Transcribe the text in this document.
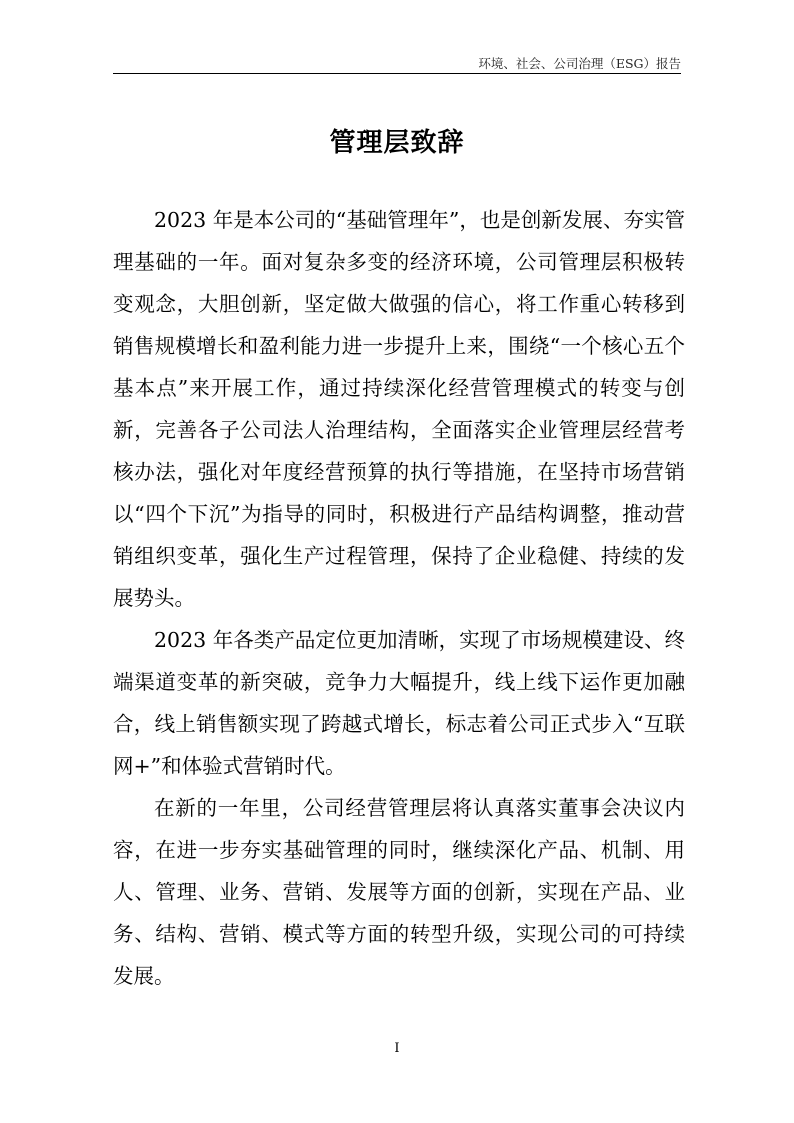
环境、社会、公司治理（ESG）报告
管理层致辞

2023 年是本公司的“基础管理年”，也是创新发展、夯实管理基础的一年。面对复杂多变的经济环境，公司管理层积极转变观念，大胆创新，坚定做大做强的信心，将工作重心转移到销售规模增长和盈利能力进一步提升上来，围绕“一个核心五个基本点”来开展工作，通过持续深化经营管理模式的转变与创新，完善各子公司法人治理结构，全面落实企业管理层经营考核办法，强化对年度经营预算的执行等措施，在坚持市场营销以“四个下沉”为指导的同时，积极进行产品结构调整，推动营销组织变革，强化生产过程管理，保持了企业稳健、持续的发展势头。

2023 年各类产品定位更加清晰，实现了市场规模建设、终端渠道变革的新突破，竞争力大幅提升，线上线下运作更加融合，线上销售额实现了跨越式增长，标志着公司正式步入“互联网+”和体验式营销时代。

在新的一年里，公司经营管理层将认真落实董事会决议内容，在进一步夯实基础管理的同时，继续深化产品、机制、用人、管理、业务、营销、发展等方面的创新，实现在产品、业务、结构、营销、模式等方面的转型升级，实现公司的可持续发展。

I
